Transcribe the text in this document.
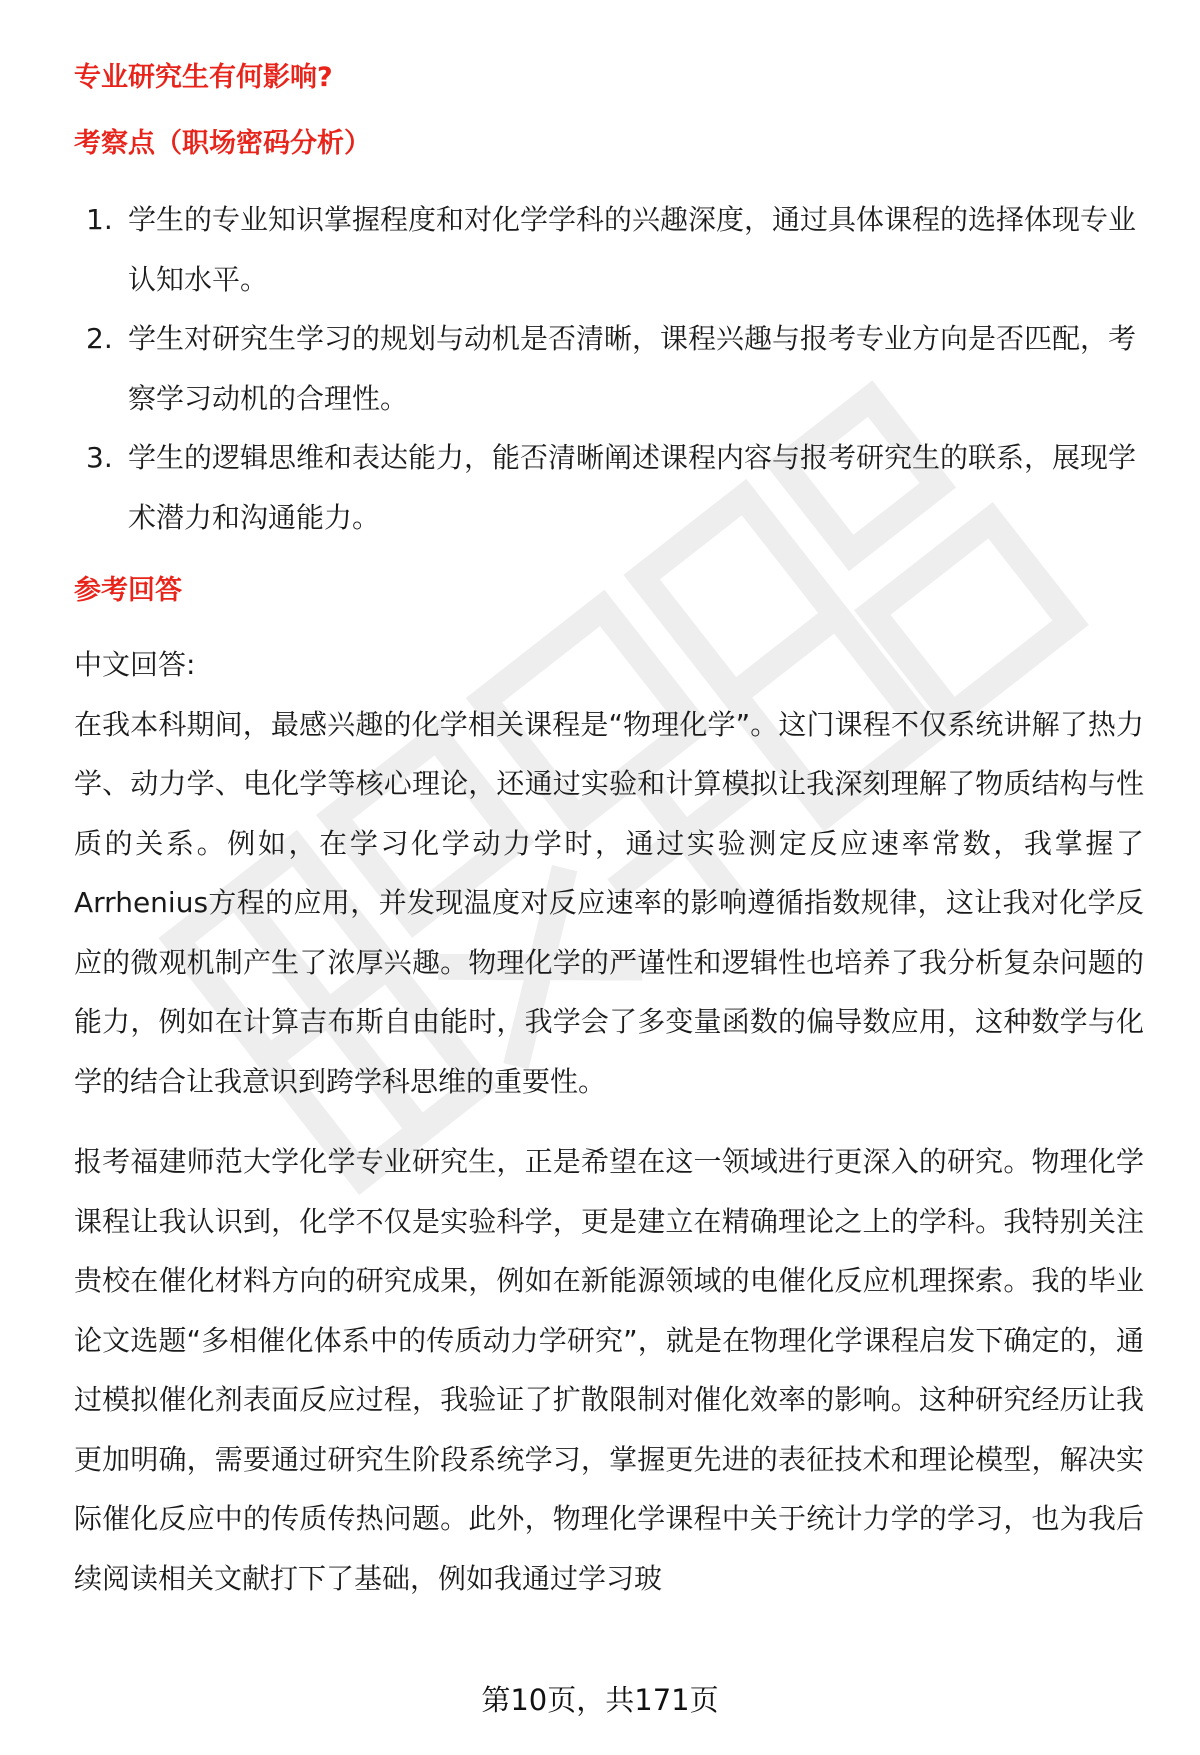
专业研究生有何影响?
考察点（职场密码分析）
1. 学生的专业知识掌握程度和对化学学科的兴趣深度，通过具体课程的选择体现专业认知水平。
2. 学生对研究生学习的规划与动机是否清晰，课程兴趣与报考专业方向是否匹配，考察学习动机的合理性。
3. 学生的逻辑思维和表达能力，能否清晰阐述课程内容与报考研究生的联系，展现学术潜力和沟通能力。
参考回答

中文回答:

在我本科期间，最感兴趣的化学相关课程是“物理化学”。这门课程不仅系统讲解了热力学、动力学、电化学等核心理论，还通过实验和计算模拟让我深刻理解了物质结构与性质的关系。例如，在学习化学动力学时，通过实验测定反应速率常数，我掌握了Arrhenius方程的应用，并发现温度对反应速率的影响遵循指数规律，这让我对化学反应的微观机制产生了浓厚兴趣。物理化学的严谨性和逻辑性也培养了我分析复杂问题的能力，例如在计算吉布斯自由能时，我学会了多变量函数的偏导数应用，这种数学与化学的结合让我意识到跨学科思维的重要性。

报考福建师范大学化学专业研究生，正是希望在这一领域进行更深入的研究。物理化学课程让我认识到，化学不仅是实验科学，更是建立在精确理论之上的学科。我特别关注贵校在催化材料方向的研究成果，例如在新能源领域的电催化反应机理探索。我的毕业论文选题“多相催化体系中的传质动力学研究”，就是在物理化学课程启发下确定的，通过模拟催化剂表面反应过程，我验证了扩散限制对催化效率的影响。这种研究经历让我更加明确，需要通过研究生阶段系统学习，掌握更先进的表征技术和理论模型，解决实际催化反应中的传质传热问题。此外，物理化学课程中关于统计力学的学习，也为我后续阅读相关文献打下了基础，例如我通过学习玻

第10页，共171页
